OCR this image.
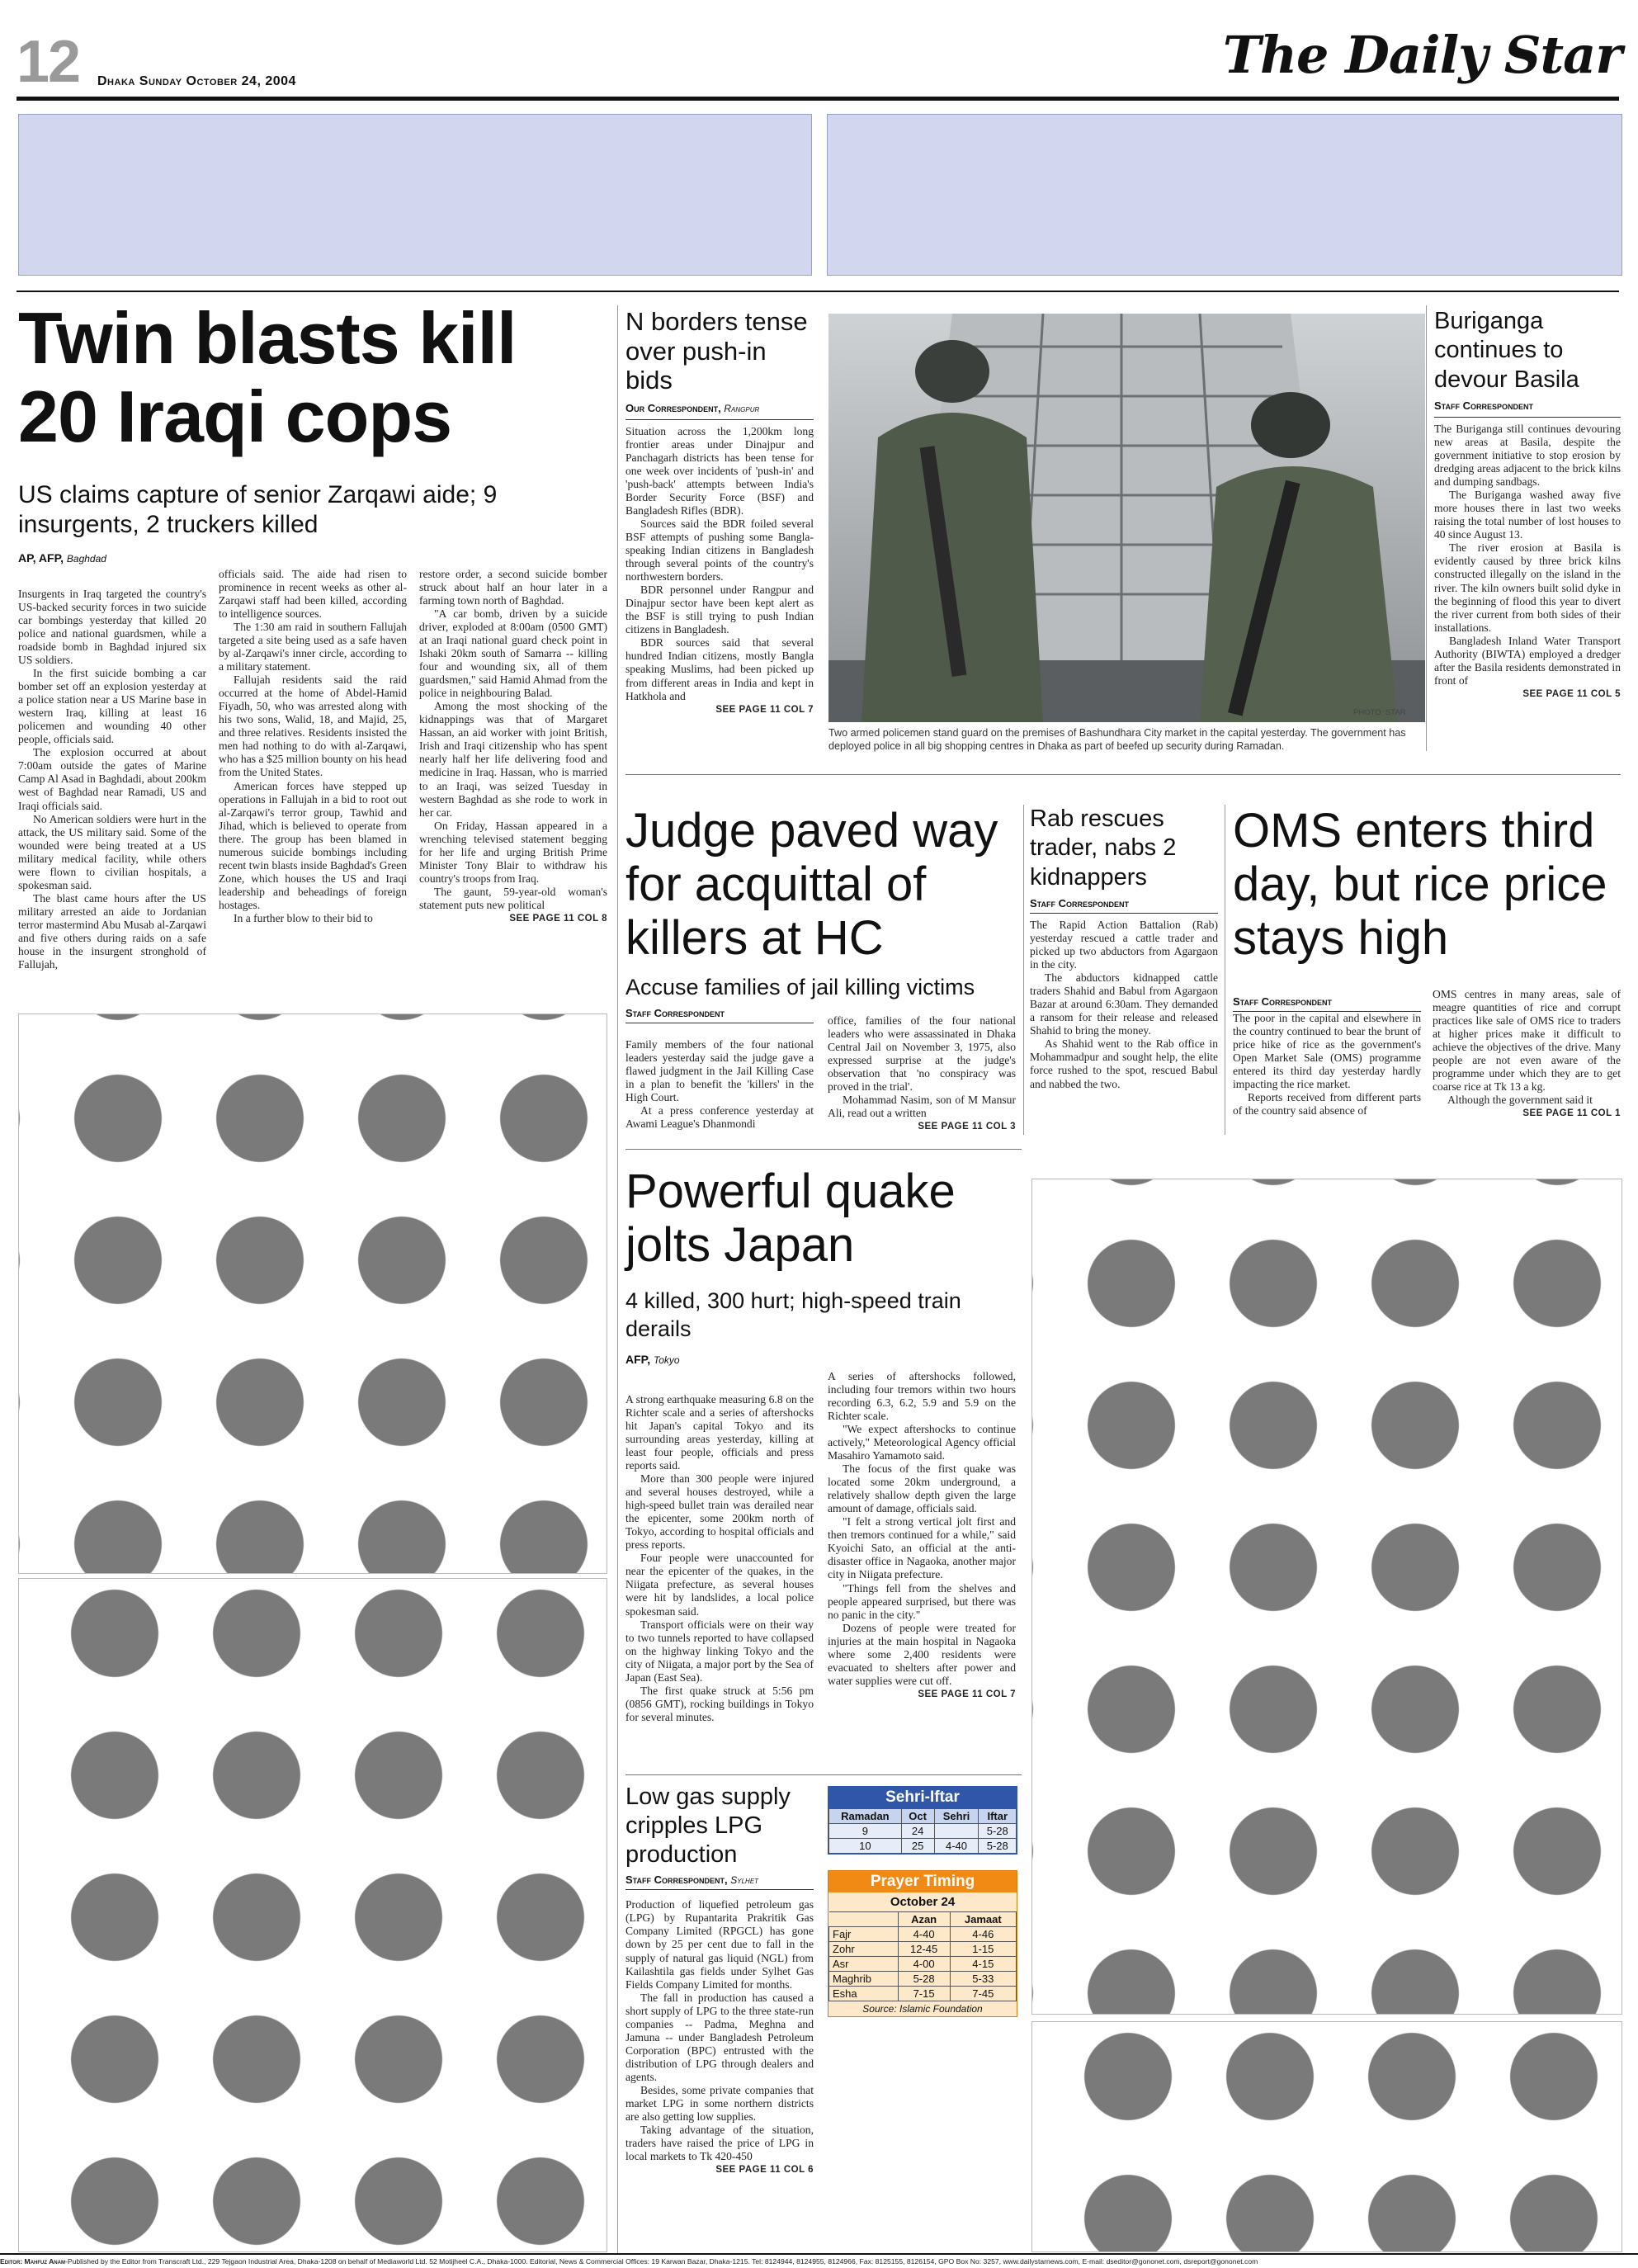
12 Dhaka Sunday October 24, 2004	The Daily Star
Twin blasts kill 20 Iraqi cops
US claims capture of senior Zarqawi aide; 9 insurgents, 2 truckers killed
AP, AFP, Baghdad

Insurgents in Iraq targeted the country's US-backed security forces in two suicide car bombings yesterday that killed 20 police and national guardsmen, while a roadside bomb in Baghdad injured six US soldiers.

In the first suicide bombing a car bomber set off an explosion yesterday at a police station near a US Marine base in western Iraq, killing at least 16 policemen and wounding 40 other people, officials said.

The explosion occurred at about 7:00am outside the gates of Marine Camp Al Asad in Baghdadi, about 200km west of Baghdad near Ramadi, US and Iraqi officials said.

No American soldiers were hurt in the attack, the US military said. Some of the wounded were being treated at a US military medical facility, while others were flown to civilian hospitals, a spokesman said.

The blast came hours after the US military arrested an aide to Jordanian terror mastermind Abu Musab al-Zarqawi and five others during raids on a safe house in the insurgent stronghold of Fallujah,

officials said. The aide had risen to prominence in recent weeks as other al-Zarqawi staff had been killed, according to intelligence sources.

The 1:30 am raid in southern Fallujah targeted a site being used as a safe haven by al-Zarqawi's inner circle, according to a military statement.

Fallujah residents said the raid occurred at the home of Abdel-Hamid Fiyadh, 50, who was arrested along with his two sons, Walid, 18, and Majid, 25, and three relatives. Residents insisted the men had nothing to do with al-Zarqawi, who has a $25 million bounty on his head from the United States.

American forces have stepped up operations in Fallujah in a bid to root out al-Zarqawi's terror group, Tawhid and Jihad, which is believed to operate from there. The group has been blamed in numerous suicide bombings including recent twin blasts inside Baghdad's Green Zone, which houses the US and Iraqi leadership and beheadings of foreign hostages.

In a further blow to their bid to

restore order, a second suicide bomber struck about half an hour later in a farming town north of Baghdad.

"A car bomb, driven by a suicide driver, exploded at 8:00am (0500 GMT) at an Iraqi national guard check point in Ishaki 20km south of Samarra -- killing four and wounding six, all of them guardsmen," said Hamid Ahmad from the police in neighbouring Balad.

Among the most shocking of the kidnappings was that of Margaret Hassan, an aid worker with joint British, Irish and Iraqi citizenship who has spent nearly half her life delivering food and medicine in Iraq. Hassan, who is married to an Iraqi, was seized Tuesday in western Baghdad as she rode to work in her car.

On Friday, Hassan appeared in a wrenching televised statement begging for her life and urging British Prime Minister Tony Blair to withdraw his country's troops from Iraq.

The gaunt, 59-year-old woman's statement puts new political

SEE PAGE 11 COL 8
N borders tense over push-in bids
Our Correspondent, Rangpur

Situation across the 1,200km long frontier areas under Dinajpur and Panchagarh districts has been tense for one week over incidents of 'push-in' and 'push-back' attempts between India's Border Security Force (BSF) and Bangladesh Rifles (BDR).

Sources said the BDR foiled several BSF attempts of pushing some Bangla-speaking Indian citizens in Bangladesh through several points of the country's northwestern borders.

BDR personnel under Rangpur and Dinajpur sector have been kept alert as the BSF is still trying to push Indian citizens in Bangladesh.

BDR sources said that several hundred Indian citizens, mostly Bangla speaking Muslims, had been picked up from different areas in India and kept in Hatkhola and

SEE PAGE 11 COL 7	PHOTO: STAR
Two armed policemen stand guard on the premises of Bashundhara City market in the capital yesterday. The government has deployed police in all big shopping centres in Dhaka as part of beefed up security during Ramadan.
Buriganga continues to devour Basila
Staff Correspondent

The Buriganga still continues devouring new areas at Basila, despite the government initiative to stop erosion by dredging areas adjacent to the brick kilns and dumping sandbags.

The Buriganga washed away five more houses there in last two weeks raising the total number of lost houses to 40 since August 13.

The river erosion at Basila is evidently caused by three brick kilns constructed illegally on the island in the river. The kiln owners built solid dyke in the beginning of flood this year to divert the river current from both sides of their installations.

Bangladesh Inland Water Transport Authority (BIWTA) employed a dredger after the Basila residents demonstrated in front of

SEE PAGE 11 COL 5
Judge paved way for acquittal of killers at HC
Accuse families of jail killing victims
Staff Correspondent

Family members of the four national leaders yesterday said the judge gave a flawed judgment in the Jail Killing Case in a plan to benefit the 'killers' in the High Court.

At a press conference yesterday at Awami League's Dhanmondi

office, families of the four national leaders who were assassinated in Dhaka Central Jail on November 3, 1975, also expressed surprise at the judge's observation that 'no conspiracy was proved in the trial'.

Mohammad Nasim, son of M Mansur Ali, read out a written

SEE PAGE 11 COL 3
Rab rescues trader, nabs 2 kidnappers
Staff Correspondent

The Rapid Action Battalion (Rab) yesterday rescued a cattle trader and picked up two abductors from Agargaon in the city.

The abductors kidnapped cattle traders Shahid and Babul from Agargaon Bazar at around 6:30am. They demanded a ransom for their release and released Shahid to bring the money.

As Shahid went to the Rab office in Mohammadpur and sought help, the elite force rushed to the spot, rescued Babul and nabbed the two.

OMS enters third day, but rice price stays high
Staff Correspondent

The poor in the capital and elsewhere in the country continued to bear the brunt of price hike of rice as the government's Open Market Sale (OMS) programme entered its third day yesterday hardly impacting the rice market.

Reports received from different parts of the country said absence of

OMS centres in many areas, sale of meagre quantities of rice and corrupt practices like sale of OMS rice to traders at higher prices make it difficult to achieve the objectives of the drive. Many people are not even aware of the programme under which they are to get coarse rice at Tk 13 a kg.

Although the government said it

SEE PAGE 11 COL 1
Powerful quake jolts Japan
4 killed, 300 hurt; high-speed train derails
AFP, Tokyo

A strong earthquake measuring 6.8 on the Richter scale and a series of aftershocks hit Japan's capital Tokyo and its surrounding areas yesterday, killing at least four people, officials and press reports said.

More than 300 people were injured and several houses destroyed, while a high-speed bullet train was derailed near the epicenter, some 200km north of Tokyo, according to hospital officials and press reports.

Four people were unaccounted for near the epicenter of the quakes, in the Niigata prefecture, as several houses were hit by landslides, a local police spokesman said.

Transport officials were on their way to two tunnels reported to have collapsed on the highway linking Tokyo and the city of Niigata, a major port by the Sea of Japan (East Sea).

The first quake struck at 5:56 pm (0856 GMT), rocking buildings in Tokyo for several minutes.

A series of aftershocks followed, including four tremors within two hours recording 6.3, 6.2, 5.9 and 5.9 on the Richter scale.

"We expect aftershocks to continue actively," Meteorological Agency official Masahiro Yamamoto said.

The focus of the first quake was located some 20km underground, a relatively shallow depth given the large amount of damage, officials said.

"I felt a strong vertical jolt first and then tremors continued for a while," said Kyoichi Sato, an official at the anti-disaster office in Nagaoka, another major city in Niigata prefecture.

"Things fell from the shelves and people appeared surprised, but there was no panic in the city."

Dozens of people were treated for injuries at the main hospital in Nagaoka where some 2,400 residents were evacuated to shelters after power and water supplies were cut off.

SEE PAGE 11 COL 7
Low gas supply cripples LPG production
Staff Correspondent, Sylhet

Production of liquefied petroleum gas (LPG) by Rupantarita Prakritik Gas Company Limited (RPGCL) has gone down by 25 per cent due to fall in the supply of natural gas liquid (NGL) from Kailashtila gas fields under Sylhet Gas Fields Company Limited for months.

The fall in production has caused a short supply of LPG to the three state-run companies -- Padma, Meghna and Jamuna -- under Bangladesh Petroleum Corporation (BPC) entrusted with the distribution of LPG through dealers and agents.

Besides, some private companies that market LPG in some northern districts are also getting low supplies.

Taking advantage of the situation, traders have raised the price of LPG in local markets to Tk 420-450

SEE PAGE 11 COL 6
Sehri-Iftar
Ramadan	Oct	Sehri	Iftar
9	24		5-28
10	25	4-40	5-28
Prayer Timing
October 24
	Azan	Jamaat
Fajr	4-40	4-46
Zohr	12-45	1-15
Asr	4-00	4-15
Maghrib	5-28	5-33
Esha	7-15	7-45
Source: Islamic Foundation
Editor: Mahfuz Anam-Published by the Editor from Transcraft Ltd., 229 Tejgaon Industrial Area, Dhaka-1208 on behalf of Mediaworld Ltd. 52 Motijheel C.A., Dhaka-1000. Editorial, News & Commercial Offices: 19 Karwan Bazar, Dhaka-1215. Tel: 8124944, 8124955, 8124966, Fax: 8125155, 8126154, GPO Box No: 3257, www.dailystarnews.com, E-mail: dseditor@gononet.com, dsreport@gononet.com
